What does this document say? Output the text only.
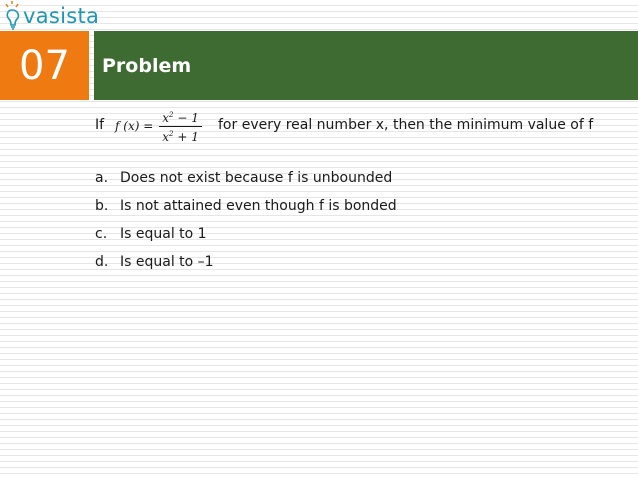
vasista
07	Problem
If f $(x) = \frac{x^2 - 1}{x^2 + 1}$ for every real number x, then the minimum value of f
a. Does not exist because f is unbounded
b. Is not attained even though f is bonded
c. Is equal to 1
d. Is equal to –1
